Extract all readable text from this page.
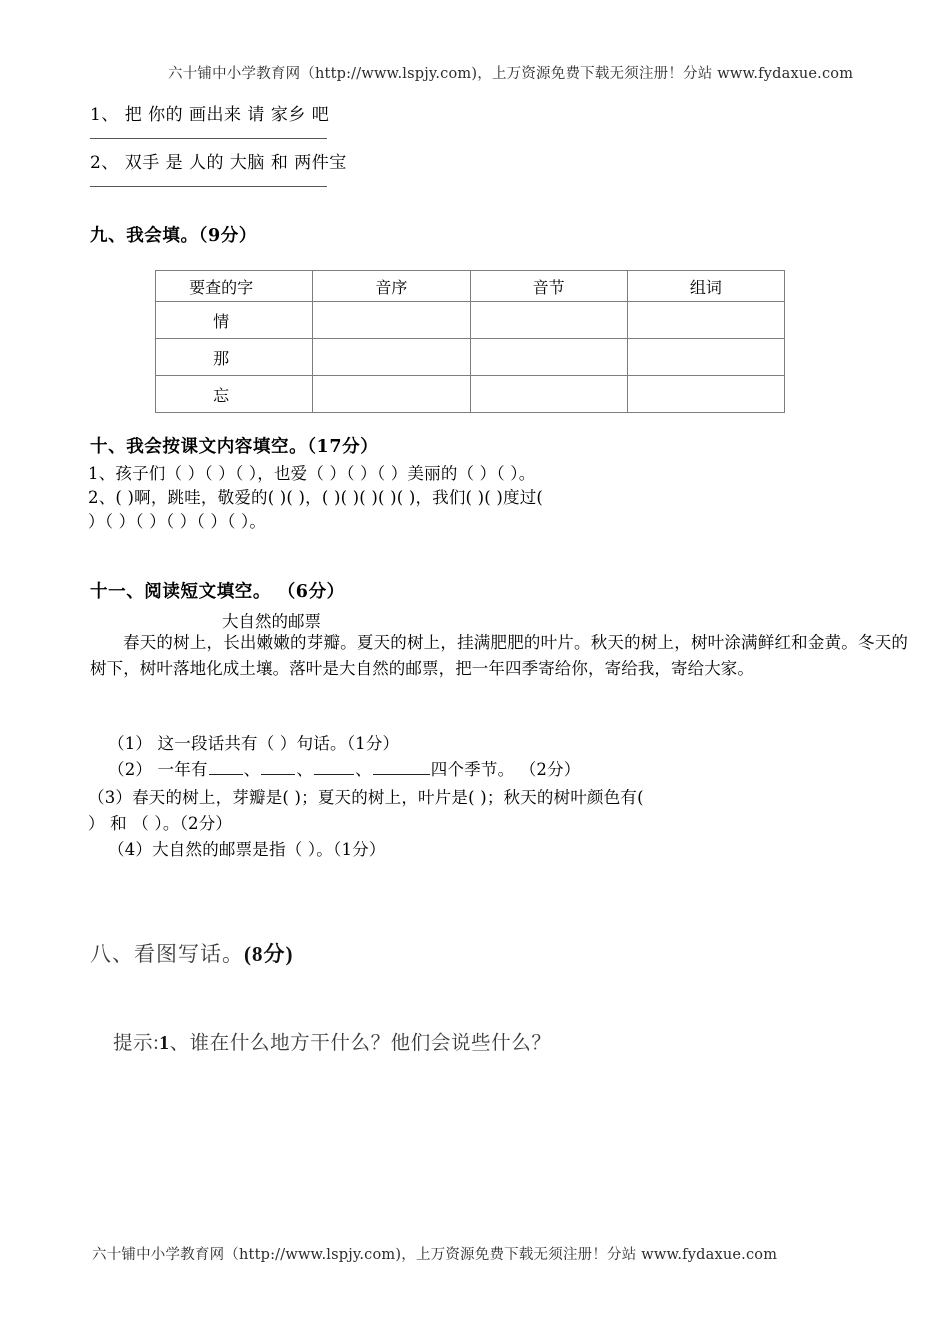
六十铺中小学教育网（http://www.lspjy.com)，上万资源免费下载无须注册！分站 www.fydaxue.com
1、 把 你的 画出来 请 家乡 吧
2、 双手 是 人的 大脑 和 两件宝
九、我会填。（9分）
要查的字	音序	音节	组词

情			

那			

忘			

十、我会按课文内容填空。（17分）
1、孩子们（ ）（ ）（ ），也爱（ ）（ ）（ ）美丽的（ ）（ ）。
2、( )啊，跳哇，敬爱的( )( )，( )( )( )( )( )，我们( )( )度过(
）（ ）（ ）（ ）（ ）（ ）。
十一、阅读短文填空。 （6分）
大自然的邮票
春天的树上，长出嫩嫩的芽瓣。夏天的树上，挂满肥肥的叶片。秋天的树上，树叶涂满鲜红和金黄。冬天的树下，树叶落地化成土壤。落叶是大自然的邮票，把一年四季寄给你，寄给我，寄给大家。
（1） 这一段话共有（ ）句话。（1分）
（2） 一年有 、 、	、	四个季节。 （2分）
（3）春天的树上，芽瓣是( )；夏天的树上，叶片是( )；秋天的树叶颜色有(
） 和 （ ）。（2分）
（4）大自然的邮票是指（ ）。（1分）
八、看图写话。(8分)
提示:1、谁在什么地方干什么？他们会说些什么？
六十铺中小学教育网（http://www.lspjy.com)，上万资源免费下载无须注册！分站 www.fydaxue.com
